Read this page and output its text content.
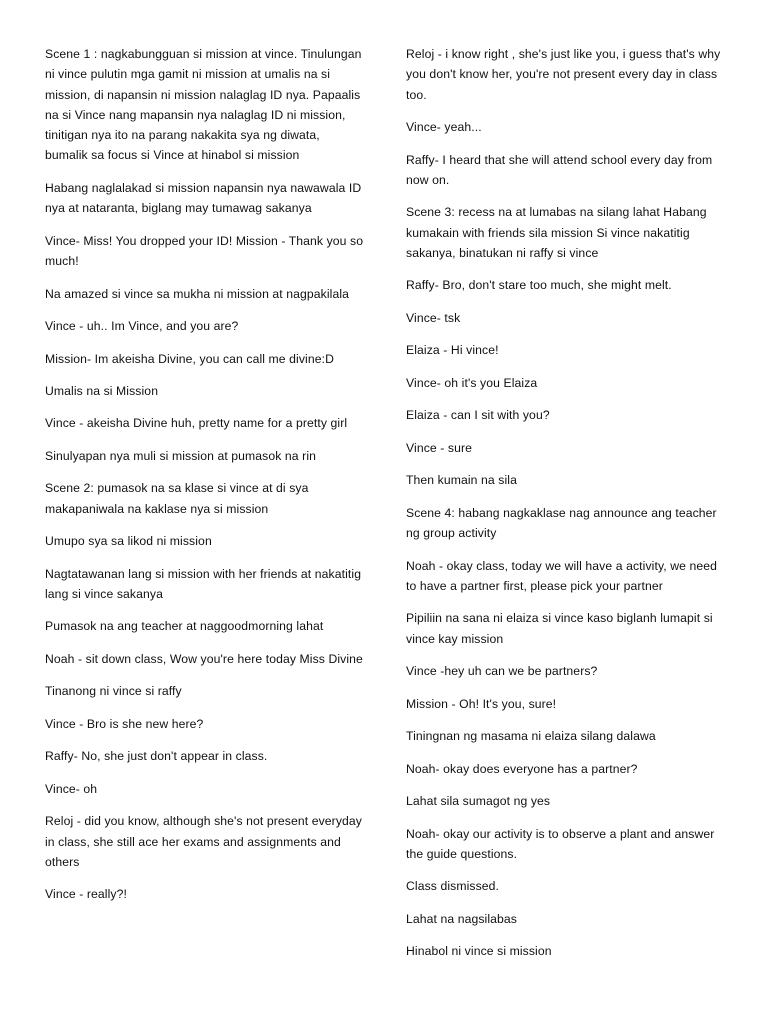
Scene 1 : nagkabungguan si mission at vince. Tinulungan ni vince pulutin mga gamit ni mission at umalis na si mission, di napansin ni mission nalaglag ID nya. Papaalis na si Vince nang mapansin nya nalaglag ID ni mission, tinitigan nya ito na parang nakakita sya ng diwata, bumalik sa focus si Vince at hinabol si mission

Habang naglalakad si mission napansin nya nawawala ID nya at nataranta, biglang may tumawag sakanya

Vince- Miss! You dropped your ID! Mission - Thank you so much!

Na amazed si vince sa mukha ni mission at nagpakilala

Vince - uh.. Im Vince, and you are?

Mission- Im akeisha Divine, you can call me divine:D

Umalis na si Mission

Vince - akeisha Divine huh, pretty name for a pretty girl

Sinulyapan nya muli si mission at pumasok na rin

Scene 2: pumasok na sa klase si vince at di sya makapaniwala na kaklase nya si mission

Umupo sya sa likod ni mission

Nagtatawanan lang si mission with her friends at nakatitig lang si vince sakanya

Pumasok na ang teacher at naggoodmorning lahat

Noah - sit down class, Wow you're here today Miss Divine

Tinanong ni vince si raffy

Vince - Bro is she new here?

Raffy- No, she just don't appear in class.

Vince- oh

Reloj - did you know, although she's not present everyday in class, she still ace her exams and assignments and others

Vince - really?!

Reloj - i know right , she's just like you, i guess that's why you don't know her, you're not present every day in class too.

Vince- yeah...

Raffy- I heard that she will attend school every day from now on.

Scene 3: recess na at lumabas na silang lahat Habang kumakain with friends sila mission Si vince nakatitig sakanya, binatukan ni raffy si vince

Raffy- Bro, don't stare too much, she might melt.

Vince- tsk

Elaiza - Hi vince!

Vince- oh it's you Elaiza

Elaiza - can I sit with you?

Vince - sure

Then kumain na sila

Scene 4: habang nagkaklase nag announce ang teacher ng group activity

Noah - okay class, today we will have a activity, we need to have a partner first, please pick your partner

Pipiliin na sana ni elaiza si vince kaso biglanh lumapit si vince kay mission

Vince -hey uh can we be partners?

Mission - Oh! It's you, sure!

Tiningnan ng masama ni elaiza silang dalawa

Noah- okay does everyone has a partner?

Lahat sila sumagot ng yes

Noah- okay our activity is to observe a plant and answer the guide questions.

Class dismissed.

Lahat na nagsilabas

Hinabol ni vince si mission
